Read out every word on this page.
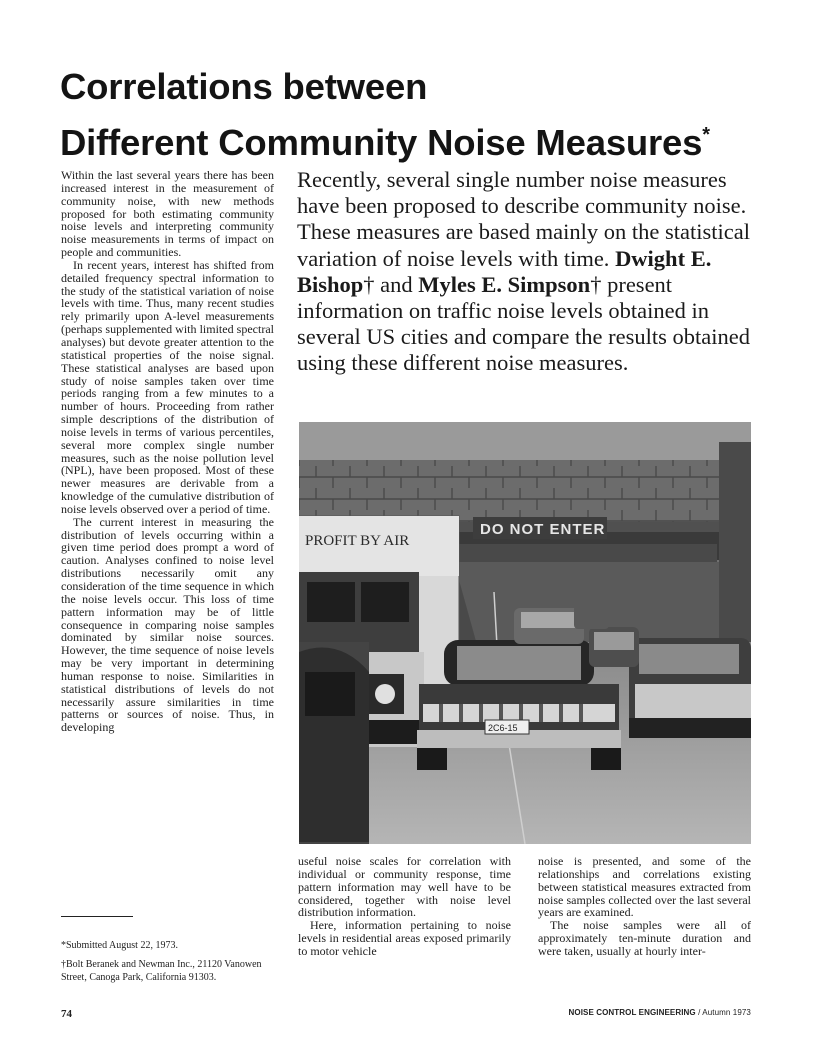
Correlations between
Different Community Noise Measures*

Within the last several years there has been increased interest in the measurement of community noise, with new methods proposed for both estimating community noise levels and interpreting community noise measurements in terms of impact on people and communities.

In recent years, interest has shifted from detailed frequency spectral information to the study of the statistical variation of noise levels with time. Thus, many recent studies rely primarily upon A-level measurements (perhaps supplemented with limited spectral analyses) but devote greater attention to the statistical properties of the noise signal. These statistical analyses are based upon study of noise samples taken over time periods ranging from a few minutes to a number of hours. Proceeding from rather simple descriptions of the distribution of noise levels in terms of various percentiles, several more complex single number measures, such as the noise pollution level (NPL), have been proposed. Most of these newer measures are derivable from a knowledge of the cumulative distribution of noise levels observed over a period of time.

The current interest in measuring the distribution of levels occurring within a given time period does prompt a word of caution. Analyses confined to noise level distributions necessarily omit any consideration of the time sequence in which the noise levels occur. This loss of time pattern information may be of little consequence in comparing noise samples dominated by similar noise sources. However, the time sequence of noise levels may be very important in determining human response to noise. Similarities in statistical distributions of levels do not necessarily assure similarities in time patterns or sources of noise. Thus, in developing

Recently, several single number noise measures have been proposed to describe community noise. These measures are based mainly on the statistical variation of noise levels with time. Dwight E. Bishop† and Myles E. Simpson† present information on traffic noise levels obtained in several US cities and compare the results obtained using these different noise measures.
DO NOT ENTER
PROFIT BY AIR
2C6-15

useful noise scales for correlation with individual or community response, time pattern information may well have to be considered, together with noise level distribution information.

Here, information pertaining to noise levels in residential areas exposed primarily to motor vehicle

noise is presented, and some of the relationships and correlations existing between statistical measures extracted from noise samples collected over the last several years are examined.

The noise samples were all of approximately ten-minute duration and were taken, usually at hourly inter-

*Submitted August 22, 1973.
†Bolt Beranek and Newman Inc., 21120 Vanowen Street, Canoga Park, California 91303.
74	NOISE CONTROL ENGINEERING / Autumn 1973
